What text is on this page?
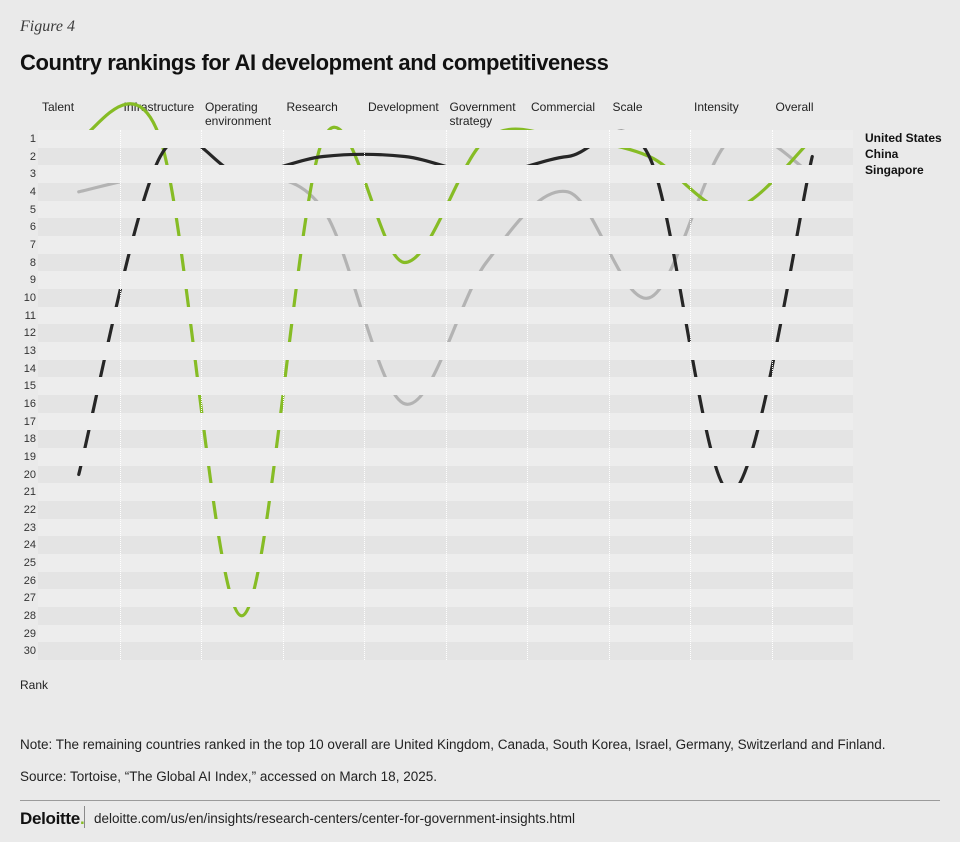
Figure 4
Country rankings for AI development and competitiveness
Talent	Infrastructure Operating environment
Research	Development Government strategy
Commercial	Scale	Intensity	Overall
1
2
3
4
5
6
7
8
9
10
11
12
13
14
15
16
17
18
19
20
21
22
23
24
25
26
27
28
29
30
Rank
United States
China
Singapore
Note: The remaining countries ranked in the top 10 overall are United Kingdom, Canada, South Korea, Israel, Germany, Switzerland and Finland.
Source: Tortoise, “The Global AI Index,” accessed on March 18, 2025.
Deloitte. deloitte.com/us/en/insights/research-centers/center-for-government-insights.html
